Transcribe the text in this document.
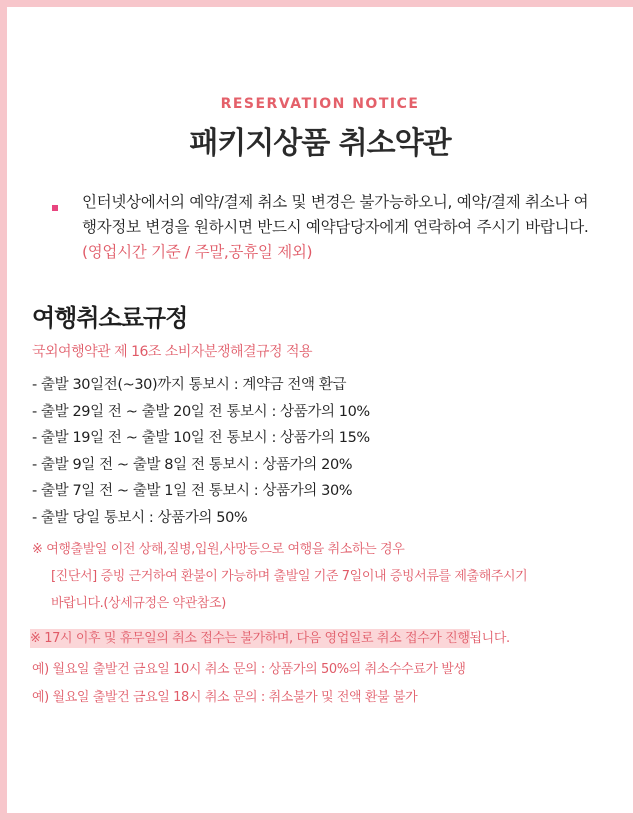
RESERVATION NOTICE
패키지상품 취소약관
인터넷상에서의 예약/결제 취소 및 변경은 불가능하오니, 예약/결제 취소나 여행자정보 변경을 원하시면 반드시 예약담당자에게 연락하여 주시기 바랍니다.(영업시간 기준 / 주말,공휴일 제외)
여행취소료규정
국외여행약관 제 16조 소비자분쟁해결규정 적용
- 출발 30일전(~30)까지 통보시 : 계약금 전액 환급
- 출발 29일 전 ~ 출발 20일 전 통보시 : 상품가의 10%
- 출발 19일 전 ~ 출발 10일 전 통보시 : 상품가의 15%
- 출발 9일 전 ~ 출발 8일 전 통보시 : 상품가의 20%
- 출발 7일 전 ~ 출발 1일 전 통보시 : 상품가의 30%
- 출발 당일 통보시 : 상품가의 50%
※ 여행출발일 이전 상해,질병,입원,사망등으로 여행을 취소하는 경우
[진단서] 증빙 근거하여 환불이 가능하며 출발일 기준 7일이내 증빙서류를 제출해주시기
바랍니다.(상세규정은 약관참조)
※ 17시 이후 및 휴무일의 취소 접수는 불가하며, 다음 영업일로 취소 접수가 진행됩니다.
예) 월요일 출발건 금요일 10시 취소 문의 : 상품가의 50%의 취소수수료가 발생
예) 월요일 출발건 금요일 18시 취소 문의 : 취소불가 및 전액 환불 불가
